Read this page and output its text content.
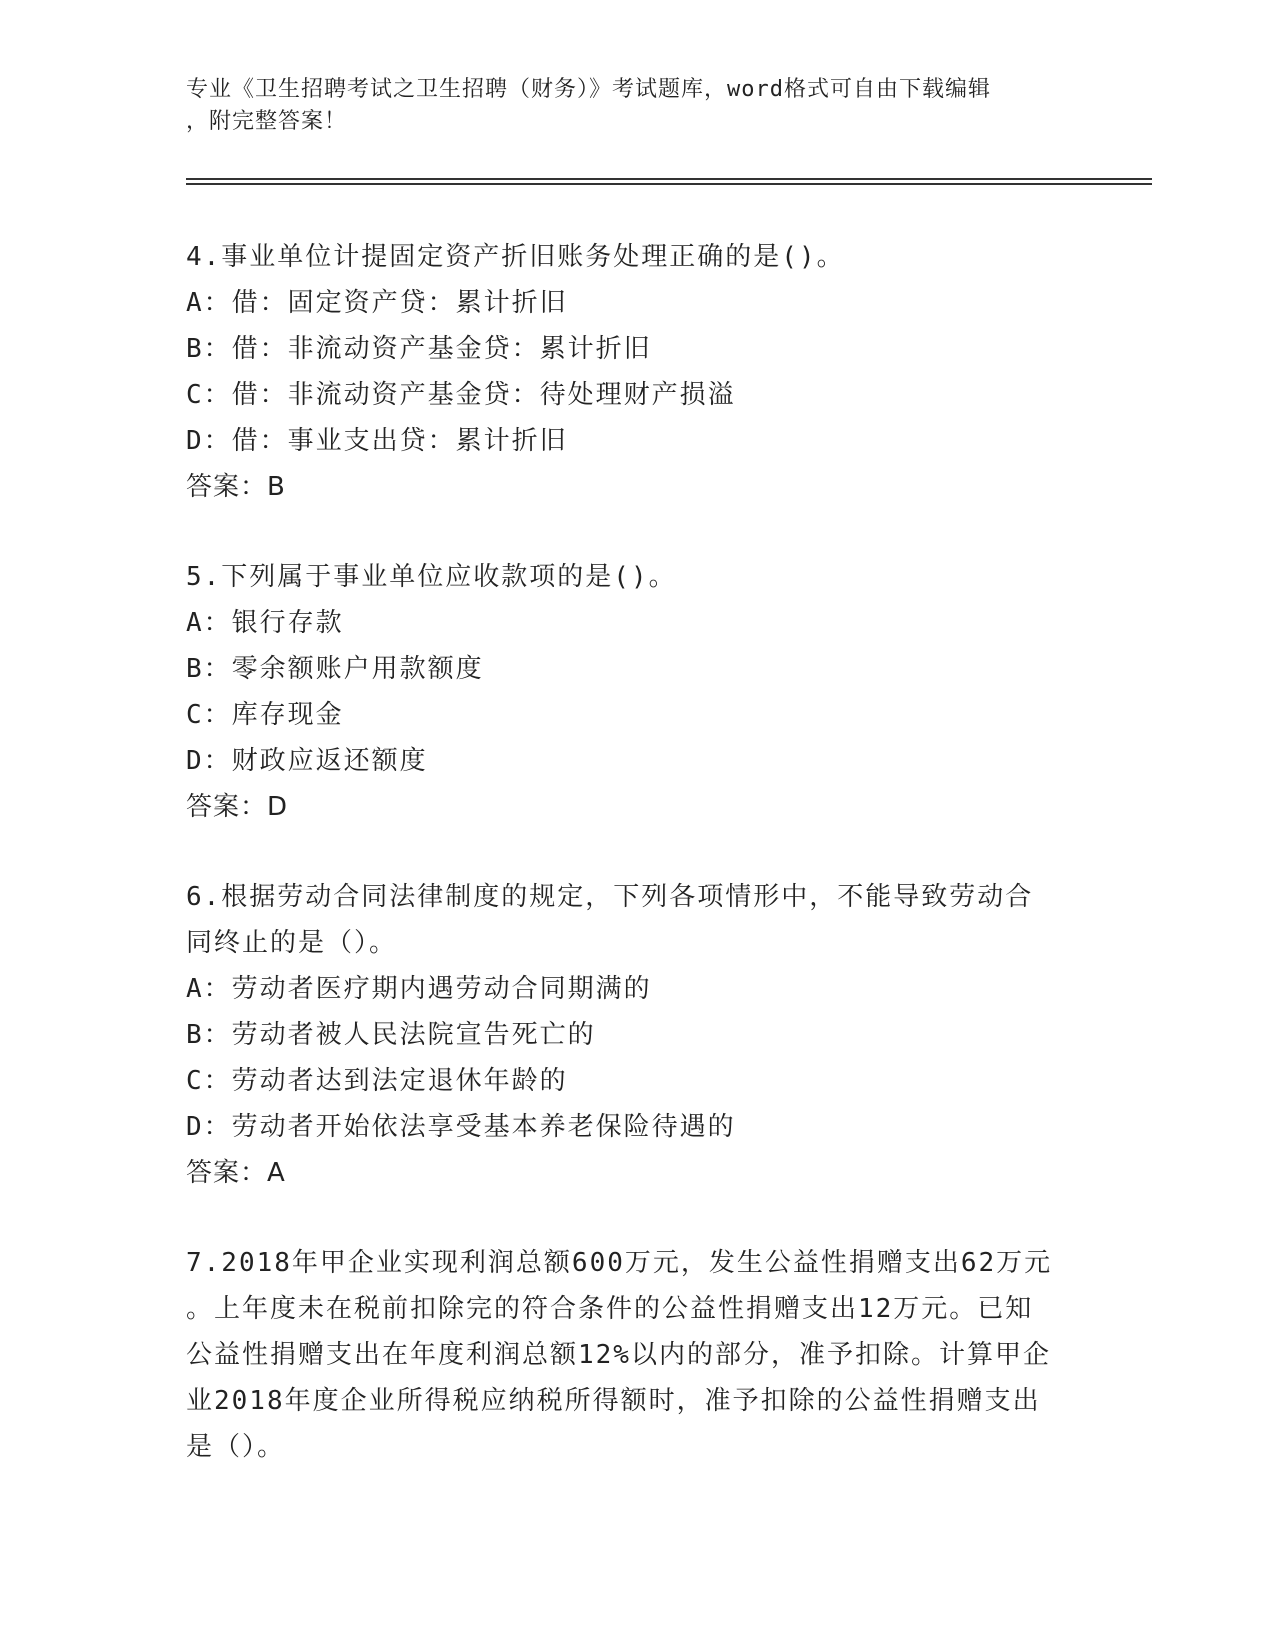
专业《卫生招聘考试之卫生招聘（财务）》考试题库，word格式可自由下载编辑
，附完整答案！

4.事业单位计提固定资产折旧账务处理正确的是()。

A：借：固定资产贷：累计折旧

B：借：非流动资产基金贷：累计折旧

C：借：非流动资产基金贷：待处理财产损溢

D：借：事业支出贷：累计折旧

答案：B

5.下列属于事业单位应收款项的是()。

A：银行存款

B：零余额账户用款额度

C：库存现金

D：财政应返还额度

答案：D

6.根据劳动合同法律制度的规定，下列各项情形中，不能导致劳动合

同终止的是（）。

A：劳动者医疗期内遇劳动合同期满的

B：劳动者被人民法院宣告死亡的

C：劳动者达到法定退休年龄的

D：劳动者开始依法享受基本养老保险待遇的

答案：A

7.2018年甲企业实现利润总额600万元，发生公益性捐赠支出62万元

。上年度未在税前扣除完的符合条件的公益性捐赠支出12万元。已知

公益性捐赠支出在年度利润总额12%以内的部分，准予扣除。计算甲企

业2018年度企业所得税应纳税所得额时，准予扣除的公益性捐赠支出

是（）。
